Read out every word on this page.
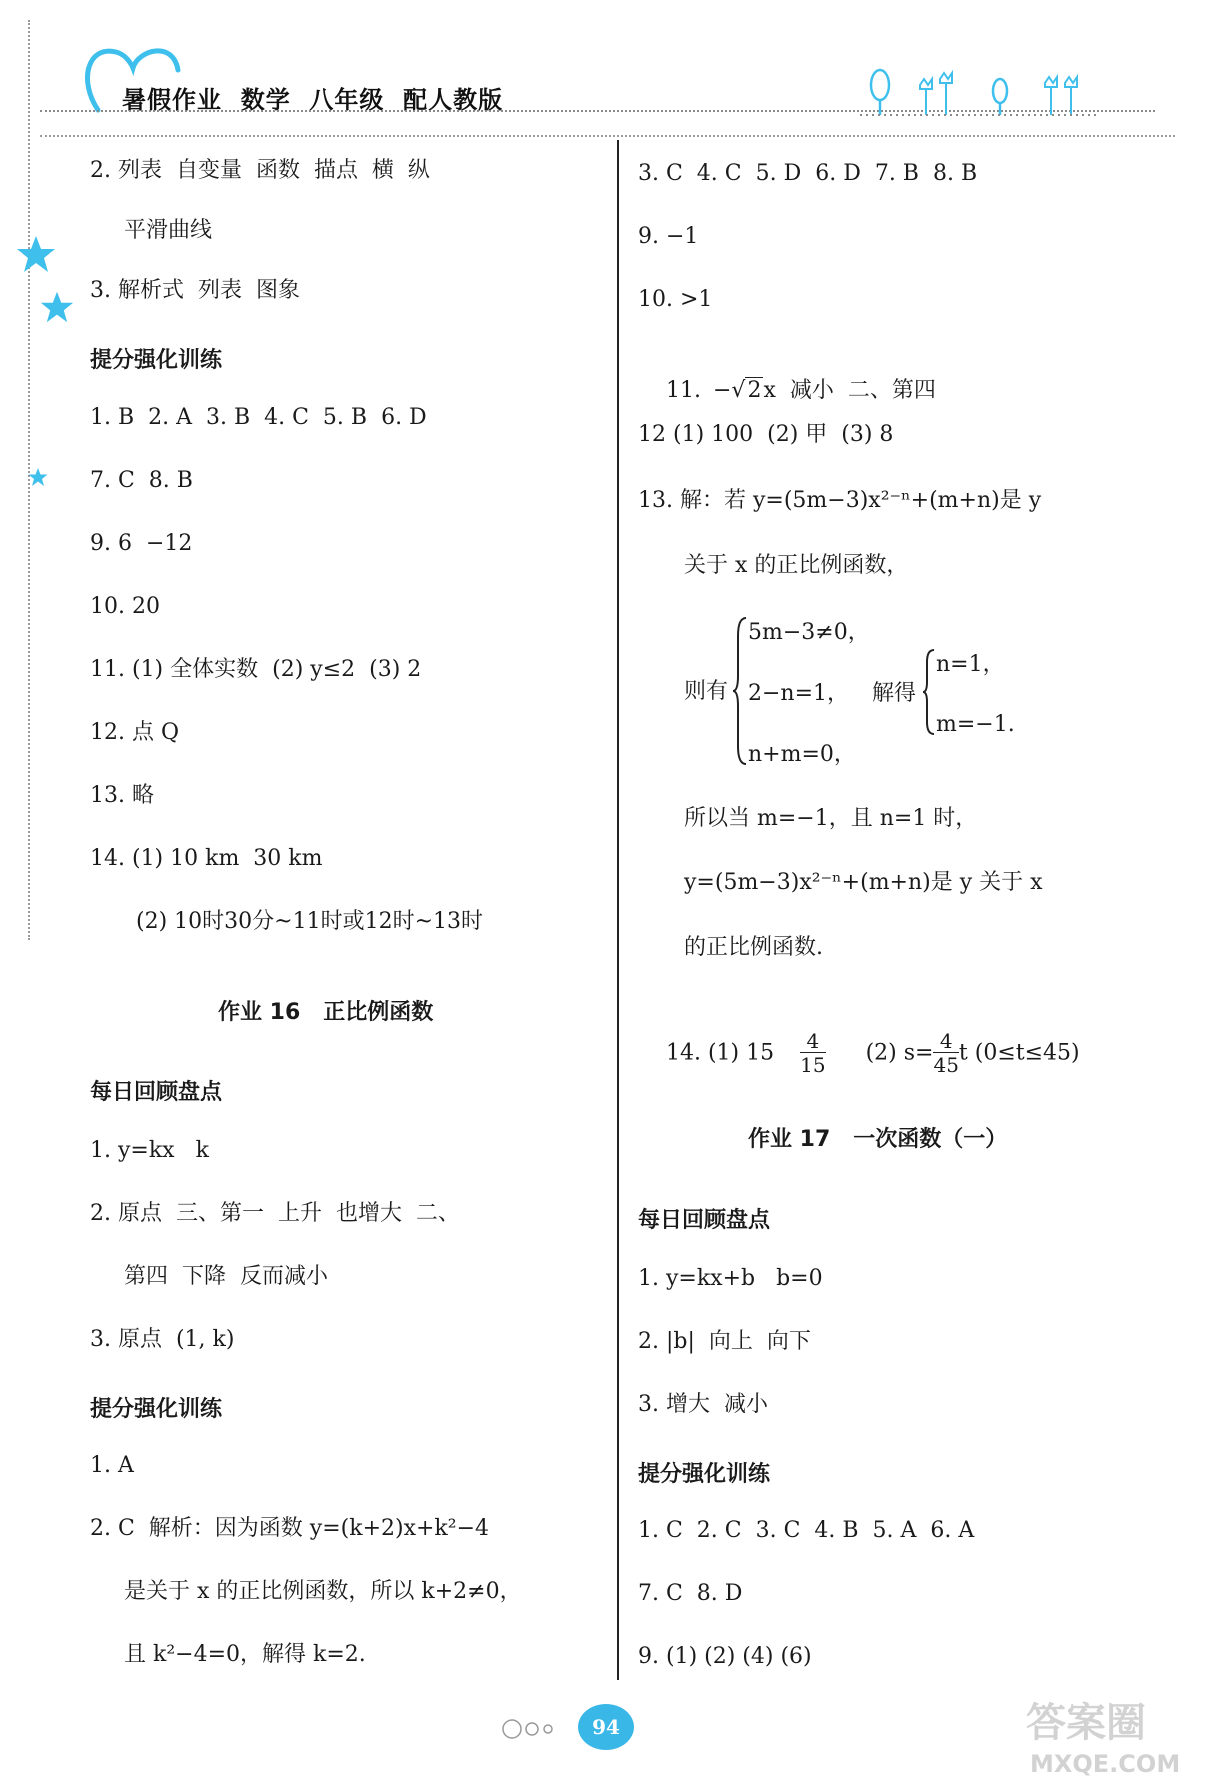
暑假作业  数学  八年级  配人教版
2. 列表  自变量  函数  描点  横  纵
平滑曲线
3. 解析式  列表  图象
提分强化训练
1. B  2. A  3. B  4. C  5. B  6. D
7. C  8. B
9. 6  −12
10. 20
11. (1) 全体实数  (2) y≤2  (3) 2
12. 点 Q
13. 略
14. (1) 10 km  30 km
(2) 10时30分~11时或12时~13时
作业 16   正比例函数
每日回顾盘点
1. y=kx   k
2. 原点  三、第一  上升  也增大  二、
第四  下降  反而减小
3. 原点  (1, k)
提分强化训练
1. A
2. C  解析：因为函数 y=(k+2)x+k²−4
是关于 x 的正比例函数，所以 k+2≠0，
且 k²−4=0，解得 k=2.
3. C  4. C  5. D  6. D  7. B  8. B
9. −1
10. >1

11. −√2x  减小  二、第四

12 (1) 100  (2) 甲  (3) 8
13. 解：若 y=(5m−3)x²⁻ⁿ+(m+n)是 y
关于 x 的正比例函数，
则有
5m−3≠0，
2−n=1，
n+m=0，
解得
n=1，
m=−1.
所以当 m=−1，且 n=1 时，
y=(5m−3)x²⁻ⁿ+(m+n)是 y 关于 x
的正比例函数.

14. (1) $15 \frac{4}{15} (2)$ $s= \frac{4}{45}$ t (0≤t≤45)

作业 17   一次函数（一）
每日回顾盘点
1. y=kx+b   b=0
2. |b|  向上  向下
3. 增大  减小
提分强化训练
1. C  2. C  3. C  4. B  5. A  6. A
7. C  8. D
9. (1) (2) (4) (6)
94	答案圈
MXQE.COM
